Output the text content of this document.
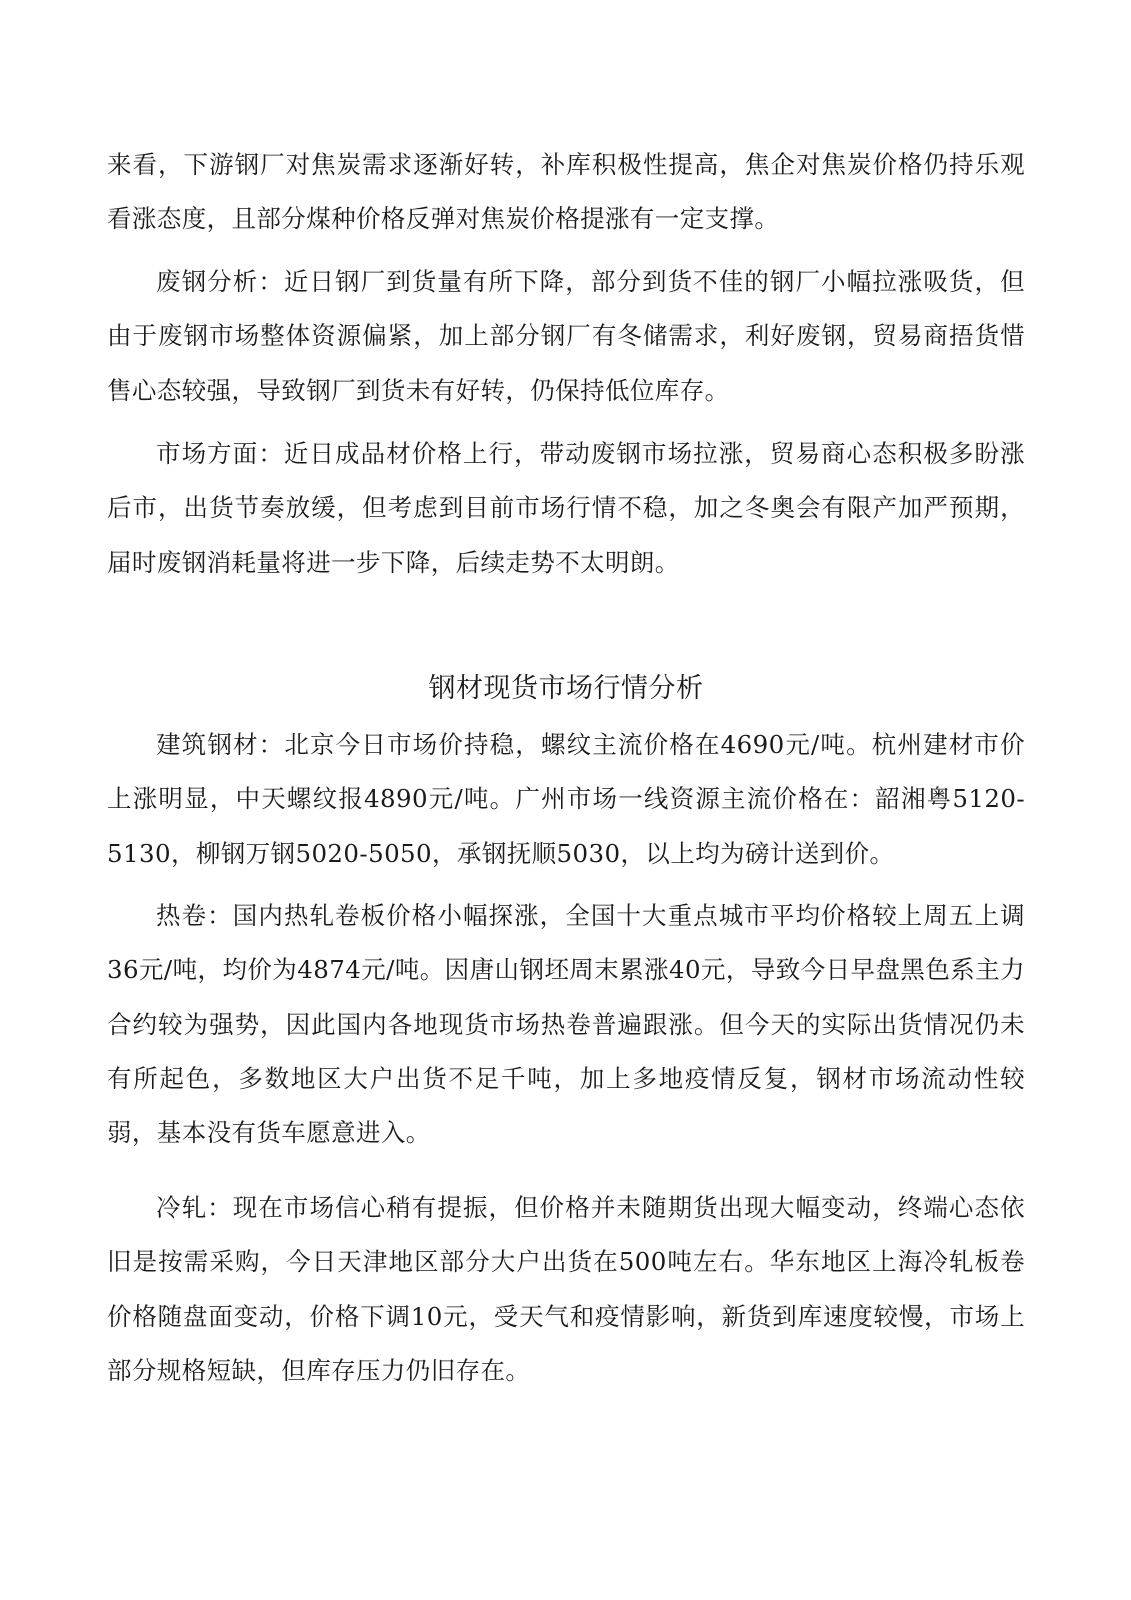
来看，下游钢厂对焦炭需求逐渐好转，补库积极性提高，焦企对焦炭价格仍持乐观看涨态度，且部分煤种价格反弹对焦炭价格提涨有一定支撑。

废钢分析：近日钢厂到货量有所下降，部分到货不佳的钢厂小幅拉涨吸货，但由于废钢市场整体资源偏紧，加上部分钢厂有冬储需求，利好废钢，贸易商捂货惜售心态较强，导致钢厂到货未有好转，仍保持低位库存。

市场方面：近日成品材价格上行，带动废钢市场拉涨，贸易商心态积极多盼涨后市，出货节奏放缓，但考虑到目前市场行情不稳，加之冬奥会有限产加严预期，届时废钢消耗量将进一步下降，后续走势不太明朗。

钢材现货市场行情分析

建筑钢材：北京今日市场价持稳，螺纹主流价格在4690元/吨。杭州建材市价上涨明显，中天螺纹报4890元/吨。广州市场一线资源主流价格在：韶湘粤5120-5130，柳钢万钢5020-5050，承钢抚顺5030，以上均为磅计送到价。

热卷：国内热轧卷板价格小幅探涨，全国十大重点城市平均价格较上周五上调36元/吨，均价为4874元/吨。因唐山钢坯周末累涨40元，导致今日早盘黑色系主力合约较为强势，因此国内各地现货市场热卷普遍跟涨。但今天的实际出货情况仍未有所起色，多数地区大户出货不足千吨，加上多地疫情反复，钢材市场流动性较弱，基本没有货车愿意进入。

冷轧：现在市场信心稍有提振，但价格并未随期货出现大幅变动，终端心态依旧是按需采购，今日天津地区部分大户出货在500吨左右。华东地区上海冷轧板卷价格随盘面变动，价格下调10元，受天气和疫情影响，新货到库速度较慢，市场上部分规格短缺，但库存压力仍旧存在。
